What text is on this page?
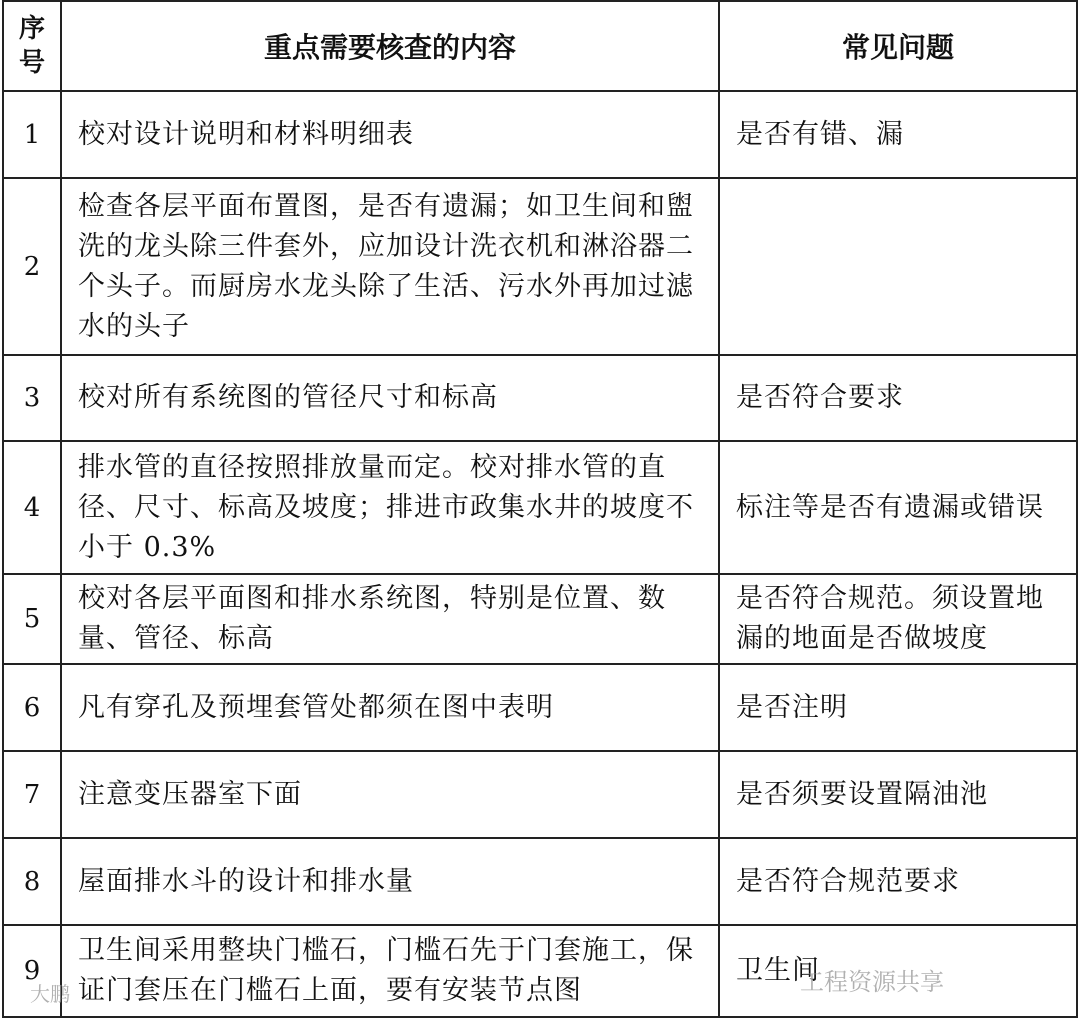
序号	重点需要核查的内容	常见问题
1	校对设计说明和材料明细表	是否有错、漏
2	检查各层平面布置图，是否有遗漏；如卫生间和盥洗的龙头除三件套外，应加设计洗衣机和淋浴器二个头子。而厨房水龙头除了生活、污水外再加过滤水的头子	
3	校对所有系统图的管径尺寸和标高	是否符合要求
4	排水管的直径按照排放量而定。校对排水管的直径、尺寸、标高及坡度；排进市政集水井的坡度不小于 0.3%	标注等是否有遗漏或错误
5	校对各层平面图和排水系统图，特别是位置、数量、管径、标高	是否符合规范。须设置地漏的地面是否做坡度
6	凡有穿孔及预埋套管处都须在图中表明	是否注明
7	注意变压器室下面	是否须要设置隔油池
8	屋面排水斗的设计和排水量	是否符合规范要求
9	卫生间采用整块门槛石，门槛石先于门套施工，保证门套压在门槛石上面，要有安装节点图	卫生间
工程资源共享
大鹏
